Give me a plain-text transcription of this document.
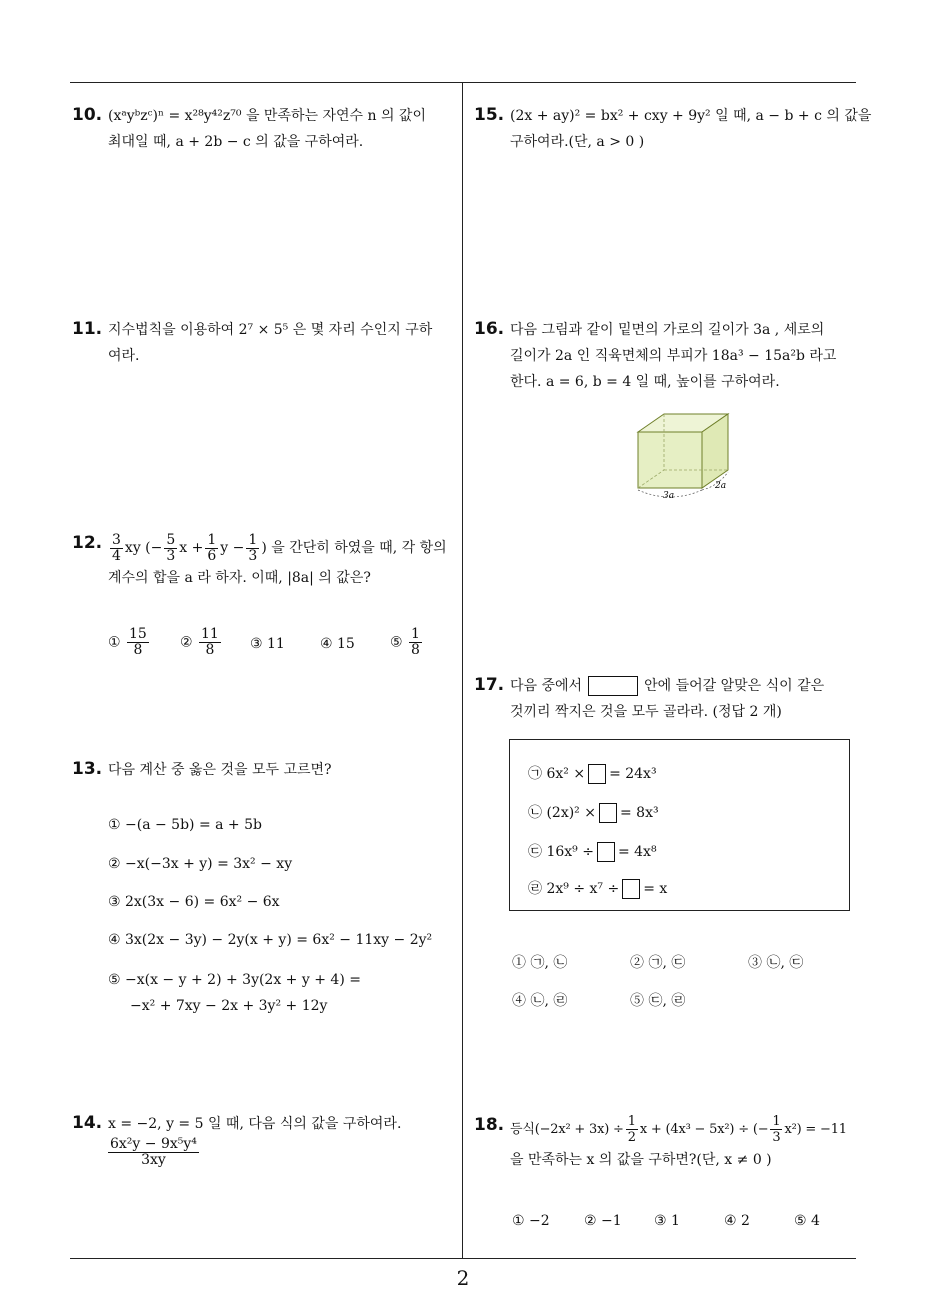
10. (xᵃyᵇzᶜ)ⁿ = x²⁸y⁴²z⁷⁰ 을 만족하는 자연수 n 의 값이
최대일 때, a + 2b − c 의 값을 구하여라.
11. 지수법칙을 이용하여 2⁷ × 5⁵ 은 몇 자리 수인지 구하
여라.
12. $\frac{3}{4}$ xy (− $\frac{5}{3}$ $x + \frac{1}{6}$ $y - \frac{1}{3}$ ) 을 간단히 하였을 때, 각 항의
계수의 합을 a 라 하자. 이때, |8a| 의 값은?
① $\frac{15}{8}$ ② $\frac{11}{8}$ ③ 11	④ 15	⑤ $\frac{1}{8}$
13. 다음 계산 중 옳은 것을 모두 고르면?
① −(a − 5b) = a + 5b
② −x(−3x + y) = 3x² − xy
③ 2x(3x − 6) = 6x² − 6x
④ 3x(2x − 3y) − 2y(x + y) = 6x² − 11xy − 2y²
⑤ −x(x − y + 2) + 3y(2x + y + 4) =
−x² + 7xy − 2x + 3y² + 12y
14. x = −2, y = 5 일 때, 다음 식의 값을 구하여라.
$\frac{\text{6x²y − 9x⁵y⁴}}{3xy}$
15. (2x + ay)² = bx² + cxy + 9y² 일 때, a − b + c 의 값을
구하여라.(단, a > 0 )
16. 다음 그림과 같이 밑면의 가로의 길이가 3a , 세로의
길이가 2a 인 직육면체의 부피가 18a³ − 15a²b 라고
한다. a = 6, b = 4 일 때, 높이를 구하여라.
3a
2a
17. 다음 중에서	안에 들어갈 알맞은 식이 같은
것끼리 짝지은 것을 모두 골라라. (정답 2 개)
㉠ 6x² × = 24x³
㉡ (2x)² × = 8x³
㉢ 16x⁹ ÷ = 4x⁸
㉣ 2x⁹ ÷ x⁷ ÷ = x
① ㉠, ㉡	② ㉠, ㉢	③ ㉡, ㉢
④ ㉡, ㉣	⑤ ㉢, ㉣
18. 등식$(-2x^2 + 3x) \div \frac{1}{2}$ x + (4x³ − 5x²) ÷ (− $\frac{1}{3} x^2) = -11$
을 만족하는 x 의 값을 구하면?(단, x ≠ 0 )
① −2 ② −1 ③ 1	④ 2	⑤ 4
2
